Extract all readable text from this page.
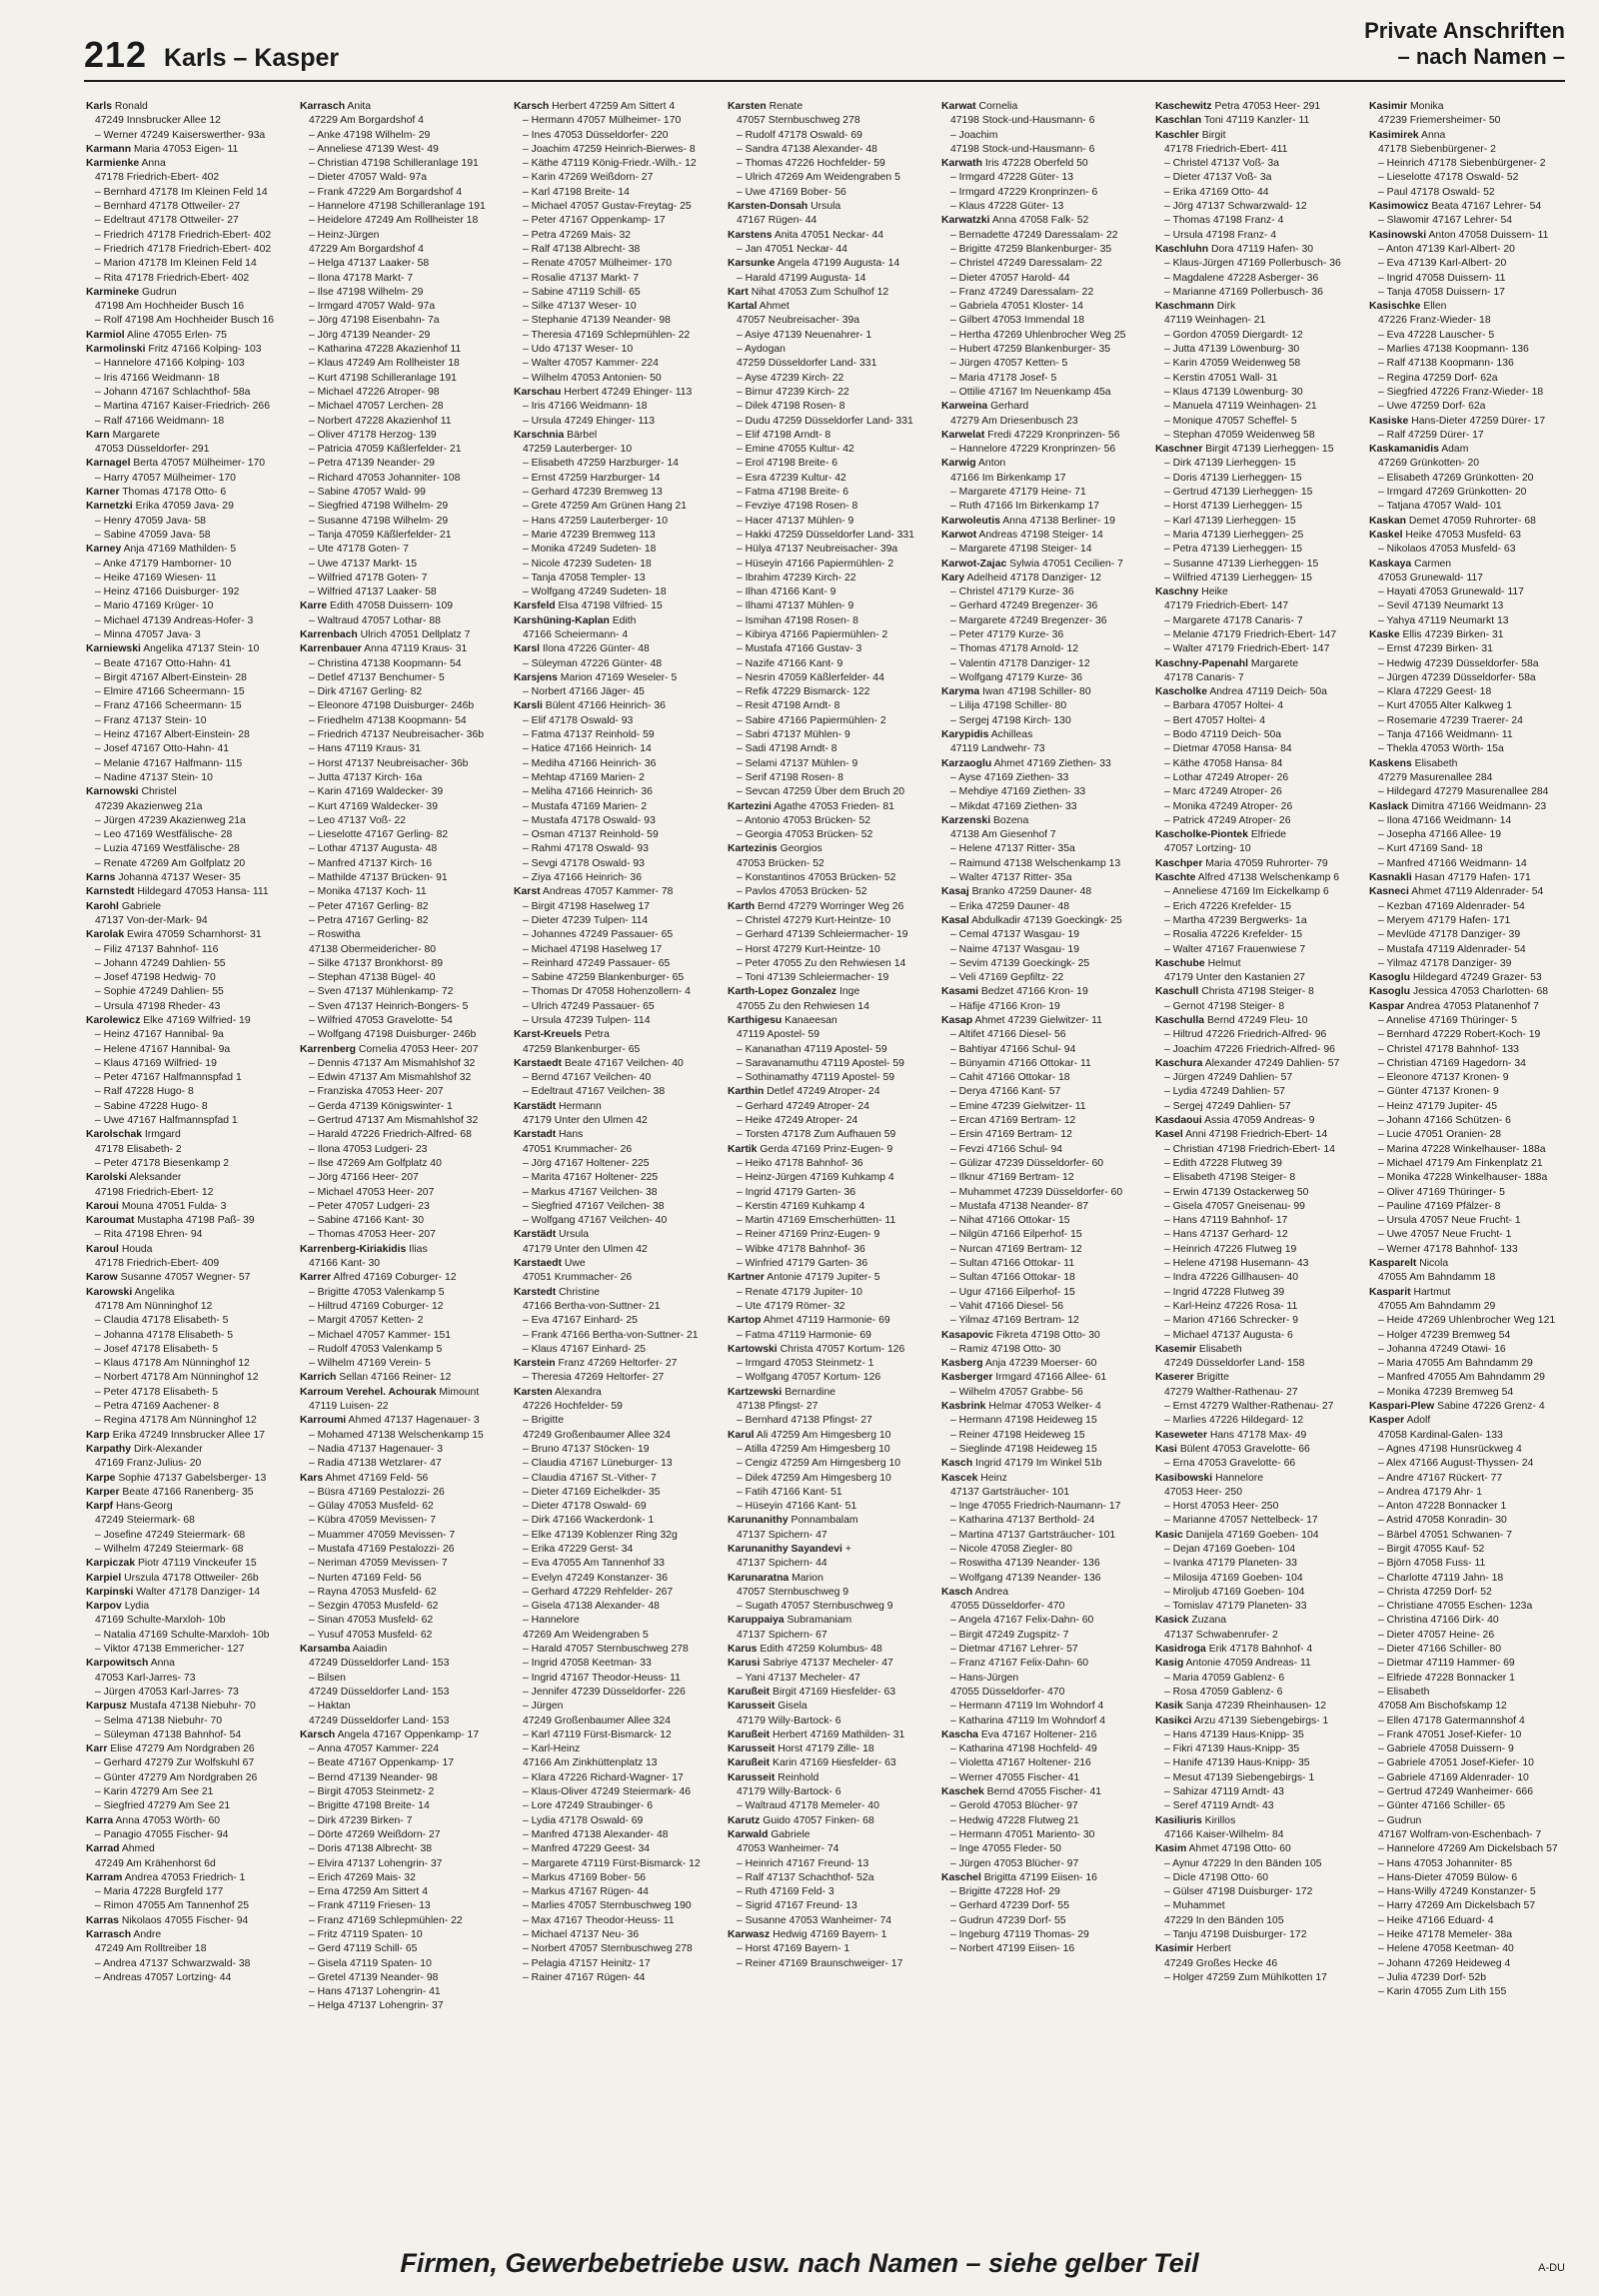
212 Karls – Kasper
Private Anschriften
– nach Namen –
Karls Ronald
47249 Innsbrucker Allee 12
– Werner 47249 Kaiserswerther- 93a
Karmann Maria 47053 Eigen- 11
Karmienke Anna
47178 Friedrich-Ebert- 402
– Bernhard 47178 Im Kleinen Feld 14
– Bernhard 47178 Ottweiler- 27
– Edeltraut 47178 Ottweiler- 27
– Friedrich 47178 Friedrich-Ebert- 402
– Friedrich 47178 Friedrich-Ebert- 402
– Marion 47178 Im Kleinen Feld 14
– Rita 47178 Friedrich-Ebert- 402
Karmineke Gudrun
47198 Am Hochheider Busch 16
– Rolf 47198 Am Hochheider Busch 16
Karmiol Aline 47055 Erlen- 75
Karmolinski Fritz 47166 Kolping- 103
– Hannelore 47166 Kolping- 103
– Iris 47166 Weidmann- 18
– Johann 47167 Schlachthof- 58a
– Martina 47167 Kaiser-Friedrich- 266
– Ralf 47166 Weidmann- 18
Karn Margarete
47053 Düsseldorfer- 291
Karnagel Berta 47057 Mülheimer- 170
– Harry 47057 Mülheimer- 170
Karner Thomas 47178 Otto- 6
Karnetzki Erika 47059 Java- 29
– Henry 47059 Java- 58
– Sabine 47059 Java- 58
Karney Anja 47169 Mathilden- 5
– Anke 47179 Hamborner- 10
– Heike 47169 Wiesen- 11
– Heinz 47166 Duisburger- 192
– Mario 47169 Krüger- 10
– Michael 47139 Andreas-Hofer- 3
– Minna 47057 Java- 3
Karniewski Angelika 47137 Stein- 10
– Beate 47167 Otto-Hahn- 41
– Birgit 47167 Albert-Einstein- 28
– Elmire 47166 Scheermann- 15
– Franz 47166 Scheermann- 15
– Franz 47137 Stein- 10
– Heinz 47167 Albert-Einstein- 28
– Josef 47167 Otto-Hahn- 41
– Melanie 47167 Halfmann- 115
– Nadine 47137 Stein- 10
Karnowski Christel
47239 Akazienweg 21a
– Jürgen 47239 Akazienweg 21a
– Leo 47169 Westfälische- 28
– Luzia 47169 Westfälische- 28
– Renate 47269 Am Golfplatz 20
Karns Johanna 47137 Weser- 35
Karnstedt Hildegard 47053 Hansa- 111
Karohl Gabriele
47137 Von-der-Mark- 94
Karolak Ewira 47059 Scharnhorst- 31
– Filiz 47137 Bahnhof- 116
– Johann 47249 Dahlien- 55
– Josef 47198 Hedwig- 70
– Sophie 47249 Dahlien- 55
– Ursula 47198 Rheder- 43
Karolewicz Elke 47169 Wilfried- 19
– Heinz 47167 Hannibal- 9a
– Helene 47167 Hannibal- 9a
– Klaus 47169 Wilfried- 19
– Peter 47167 Halfmannspfad 1
– Ralf 47228 Hugo- 8
– Sabine 47228 Hugo- 8
– Uwe 47167 Halfmannspfad 1
Karolschak Irmgard
47178 Elisabeth- 2
– Peter 47178 Biesenkamp 2
Karolski Aleksander
47198 Friedrich-Ebert- 12
Karoui Mouna 47051 Fulda- 3
Karoumat Mustapha 47198 Paß- 39
– Rita 47198 Ehren- 94
Karoul Houda
47178 Friedrich-Ebert- 409
Karow Susanne 47057 Wegner- 57
Karowski Angelika
47178 Am Nünninghof 12
– Claudia 47178 Elisabeth- 5
– Johanna 47178 Elisabeth- 5
– Josef 47178 Elisabeth- 5
– Klaus 47178 Am Nünninghof 12
– Norbert 47178 Am Nünninghof 12
– Peter 47178 Elisabeth- 5
– Petra 47169 Aachener- 8
– Regina 47178 Am Nünninghof 12
Karp Erika 47249 Innsbrucker Allee 17
Karpathy Dirk-Alexander
47169 Franz-Julius- 20
Karpe Sophie 47137 Gabelsberger- 13
Karper Beate 47166 Ranenberg- 35
Karpf Hans-Georg
47249 Steiermark- 68
– Josefine 47249 Steiermark- 68
– Wilhelm 47249 Steiermark- 68
Karpiczak Piotr 47119 Vinckeufer 15
Karpiel Urszula 47178 Ottweiler- 26b
Karpinski Walter 47178 Danziger- 14
Karpov Lydia
47169 Schulte-Marxloh- 10b
– Natalia 47169 Schulte-Marxloh- 10b
– Viktor 47138 Emmericher- 127
Karpowitsch Anna
47053 Karl-Jarres- 73
– Jürgen 47053 Karl-Jarres- 73
Karpusz Mustafa 47138 Niebuhr- 70
– Selma 47138 Niebuhr- 70
– Süleyman 47138 Bahnhof- 54
Karr Elise 47279 Am Nordgraben 26
– Gerhard 47279 Zur Wolfskuhl 67
– Günter 47279 Am Nordgraben 26
– Karin 47279 Am See 21
– Siegfried 47279 Am See 21
Karra Anna 47053 Wörth- 60
– Panagio 47055 Fischer- 94
Karrad Ahmed
47249 Am Krähenhorst 6d
Karram Andrea 47053 Friedrich- 1
– Maria 47228 Burgfeld 177
– Rimon 47055 Am Tannenhof 25
Karras Nikolaos 47055 Fischer- 94
Karrasch Andre
47249 Am Rolltreiber 18
– Andrea 47137 Schwarzwald- 38
– Andreas 47057 Lortzing- 44
Karrasch Anita
47229 Am Borgardshof 4
– Anke 47198 Wilhelm- 29
– Anneliese 47139 West- 49
– Christian 47198 Schilleranlage 191
– Dieter 47057 Wald- 97a
– Frank 47229 Am Borgardshof 4
– Hannelore 47198 Schilleranlage 191
– Heidelore 47249 Am Rollheister 18
– Heinz-Jürgen
47229 Am Borgardshof 4
– Helga 47137 Laaker- 58
– Ilona 47178 Markt- 7
– Ilse 47198 Wilhelm- 29
– Irmgard 47057 Wald- 97a
– Jörg 47198 Eisenbahn- 7a
– Jörg 47139 Neander- 29
– Katharina 47228 Akazienhof 11
– Klaus 47249 Am Rollheister 18
– Kurt 47198 Schilleranlage 191
– Michael 47226 Atroper- 98
– Michael 47057 Lerchen- 28
– Norbert 47228 Akazienhof 11
– Oliver 47178 Herzog- 139
– Patricia 47059 Käßlerfelder- 21
– Petra 47139 Neander- 29
– Richard 47053 Johanniter- 108
– Sabine 47057 Wald- 99
– Siegfried 47198 Wilhelm- 29
– Susanne 47198 Wilhelm- 29
– Tanja 47059 Käßlerfelder- 21
– Ute 47178 Goten- 7
– Uwe 47137 Markt- 15
– Wilfried 47178 Goten- 7
– Wilfried 47137 Laaker- 58
Karre Edith 47058 Duissern- 109
– Waltraud 47057 Lothar- 88
Karrenbach Ulrich 47051 Dellplatz 7
Karrenbauer Anna 47119 Kraus- 31
– Christina 47138 Koopmann- 54
– Detlef 47137 Benchumer- 5
– Dirk 47167 Gerling- 82
– Eleonore 47198 Duisburger- 246b
– Friedhelm 47138 Koopmann- 54
– Friedrich 47137 Neubreisacher- 36b
– Hans 47119 Kraus- 31
– Horst 47137 Neubreisacher- 36b
– Jutta 47137 Kirch- 16a
– Karin 47169 Waldecker- 39
– Kurt 47169 Waldecker- 39
– Leo 47137 Voß- 22
– Lieselotte 47167 Gerling- 82
– Lothar 47137 Augusta- 48
– Manfred 47137 Kirch- 16
– Mathilde 47137 Brücken- 91
– Monika 47137 Koch- 11
– Peter 47167 Gerling- 82
– Petra 47167 Gerling- 82
– Roswitha
47138 Obermeidericher- 80
– Silke 47137 Bronkhorst- 89
– Stephan 47138 Bügel- 40
– Sven 47137 Mühlenkamp- 72
– Sven 47137 Heinrich-Bongers- 5
– Wilfried 47053 Gravelotte- 54
– Wolfgang 47198 Duisburger- 246b
Karrenberg Cornelia 47053 Heer- 207
– Dennis 47137 Am Mismahlshof 32
– Edwin 47137 Am Mismahlshof 32
– Franziska 47053 Heer- 207
– Gerda 47139 Königswinter- 1
– Gertrud 47137 Am Mismahlshof 32
– Harald 47226 Friedrich-Alfred- 68
– Ilona 47053 Ludgeri- 23
– Ilse 47269 Am Golfplatz 40
– Jörg 47166 Heer- 207
– Michael 47053 Heer- 207
– Peter 47057 Ludgeri- 23
– Sabine 47166 Kant- 30
– Thomas 47053 Heer- 207
Karrenberg-Kiriakidis Ilias
47166 Kant- 30
Karrer Alfred 47169 Coburger- 12
– Brigitte 47053 Valenkamp 5
– Hiltrud 47169 Coburger- 12
– Margit 47057 Ketten- 2
– Michael 47057 Kammer- 151
– Rudolf 47053 Valenkamp 5
– Wilhelm 47169 Verein- 5
Karrich Sellan 47166 Reiner- 12
Karroum Verehel. Achourak Mimount
47119 Luisen- 22
Karroumi Ahmed 47137 Hagenauer- 3
– Mohamed 47138 Welschenkamp 15
– Nadia 47137 Hagenauer- 3
– Radia 47138 Wetzlarer- 47
Kars Ahmet 47169 Feld- 56
– Büsra 47169 Pestalozzi- 26
– Gülay 47053 Musfeld- 62
– Kübra 47059 Mevissen- 7
– Muammer 47059 Mevissen- 7
– Mustafa 47169 Pestalozzi- 26
– Neriman 47059 Mevissen- 7
– Nurten 47169 Feld- 56
– Rayna 47053 Musfeld- 62
– Sezgin 47053 Musfeld- 62
– Sinan 47053 Musfeld- 62
– Yusuf 47053 Musfeld- 62
Karsamba Aaiadin
47249 Düsseldorfer Land- 153
– Bilsen
47249 Düsseldorfer Land- 153
– Haktan
47249 Düsseldorfer Land- 153
Karsch Angela 47167 Oppenkamp- 17
– Anna 47057 Kammer- 224
– Beate 47167 Oppenkamp- 17
– Bernd 47139 Neander- 98
– Birgit 47053 Steinmetz- 2
– Brigitte 47198 Breite- 14
– Dirk 47239 Birken- 7
– Dörte 47269 Weißdorn- 27
– Doris 47138 Albrecht- 38
– Elvira 47137 Lohengrin- 37
– Erich 47269 Mais- 32
– Erna 47259 Am Sittert 4
– Frank 47119 Friesen- 13
– Franz 47169 Schlepmühlen- 22
– Fritz 47119 Spaten- 10
– Gerd 47119 Schill- 65
– Gisela 47119 Spaten- 10
– Gretel 47139 Neander- 98
– Hans 47137 Lohengrin- 41
– Helga 47137 Lohengrin- 37
Karsch Herbert 47259 Am Sittert 4
– Hermann 47057 Mülheimer- 170
– Ines 47053 Düsseldorfer- 220
– Joachim 47259 Heinrich-Bierwes- 8
– Käthe 47119 König-Friedr.-Wilh.- 12
– Karin 47269 Weißdorn- 27
– Karl 47198 Breite- 14
– Michael 47057 Gustav-Freytag- 25
– Peter 47167 Oppenkamp- 17
– Petra 47269 Mais- 32
– Ralf 47138 Albrecht- 38
– Renate 47057 Mülheimer- 170
– Rosalie 47137 Markt- 7
– Sabine 47119 Schill- 65
– Silke 47137 Weser- 10
– Stephanie 47139 Neander- 98
– Theresia 47169 Schlepmühlen- 22
– Udo 47137 Weser- 10
– Walter 47057 Kammer- 224
– Wilhelm 47053 Antonien- 50
Karschau Herbert 47249 Ehinger- 113
– Iris 47166 Weidmann- 18
– Ursula 47249 Ehinger- 113
Karschnia Bärbel
47259 Lauterberger- 10
– Elisabeth 47259 Harzburger- 14
– Ernst 47259 Harzburger- 14
– Gerhard 47239 Bremweg 13
– Grete 47259 Am Grünen Hang 21
– Hans 47259 Lauterberger- 10
– Marie 47239 Bremweg 113
– Monika 47249 Sudeten- 18
– Nicole 47239 Sudeten- 18
– Tanja 47058 Templer- 13
– Wolfgang 47249 Sudeten- 18
Karsfeld Elsa 47198 Vilfried- 15
Karshüning-Kaplan Edith
47166 Scheiermann- 4
Karsl Ilona 47226 Günter- 48
– Süleyman 47226 Günter- 48
Karsjens Marion 47169 Weseler- 5
– Norbert 47166 Jäger- 45
Karsli Bülent 47166 Heinrich- 36
– Elif 47178 Oswald- 93
– Fatma 47137 Reinhold- 59
– Hatice 47166 Heinrich- 14
– Mediha 47166 Heinrich- 36
– Mehtap 47169 Marien- 2
– Meliha 47166 Heinrich- 36
– Mustafa 47169 Marien- 2
– Mustafa 47178 Oswald- 93
– Osman 47137 Reinhold- 59
– Rahmi 47178 Oswald- 93
– Sevgi 47178 Oswald- 93
– Ziya 47166 Heinrich- 36
Karst Andreas 47057 Kammer- 78
– Birgit 47198 Haselweg 17
– Dieter 47239 Tulpen- 114
– Johannes 47249 Passauer- 65
– Michael 47198 Haselweg 17
– Reinhard 47249 Passauer- 65
– Sabine 47259 Blankenburger- 65
– Thomas Dr 47058 Hohenzollern- 4
– Ulrich 47249 Passauer- 65
– Ursula 47239 Tulpen- 114
Karst-Kreuels Petra
47259 Blankenburger- 65
Karstaedt Beate 47167 Veilchen- 40
– Bernd 47167 Veilchen- 40
– Edeltraut 47167 Veilchen- 38
Karstädt Hermann
47179 Unter den Ulmen 42
Karstadt Hans
47051 Krummacher- 26
– Jörg 47167 Holtener- 225
– Marita 47167 Holtener- 225
– Markus 47167 Veilchen- 38
– Siegfried 47167 Veilchen- 38
– Wolfgang 47167 Veilchen- 40
Karstädt Ursula
47179 Unter den Ulmen 42
Karstaedt Uwe
47051 Krummacher- 26
Karstedt Christine
47166 Bertha-von-Suttner- 21
– Eva 47167 Einhard- 25
– Frank 47166 Bertha-von-Suttner- 21
– Klaus 47167 Einhard- 25
Karstein Franz 47269 Heltorfer- 27
– Theresia 47269 Heltorfer- 27
Karsten Alexandra
47226 Hochfelder- 59
– Brigitte
47249 Großenbaumer Allee 324
– Bruno 47137 Stöcken- 19
– Claudia 47167 Lüneburger- 13
– Claudia 47167 St.-Vither- 7
– Dieter 47169 Eichelkder- 35
– Dieter 47178 Oswald- 69
– Dirk 47166 Wackerdonk- 1
– Elke 47139 Koblenzer Ring 32g
– Erika 47229 Gerst- 34
– Eva 47055 Am Tannenhof 33
– Evelyn 47249 Konstanzer- 36
– Gerhard 47229 Rehfelder- 267
– Gisela 47138 Alexander- 48
– Hannelore
47269 Am Weidengraben 5
– Harald 47057 Sternbuschweg 278
– Ingrid 47058 Keetman- 33
– Ingrid 47167 Theodor-Heuss- 11
– Jennifer 47239 Düsseldorfer- 226
– Jürgen
47249 Großenbaumer Allee 324
– Karl 47119 Fürst-Bismarck- 12
– Karl-Heinz
47166 Am Zinkhüttenplatz 13
– Klara 47226 Richard-Wagner- 17
– Klaus-Oliver 47249 Steiermark- 46
– Lore 47249 Straubinger- 6
– Lydia 47178 Oswald- 69
– Manfred 47138 Alexander- 48
– Manfred 47229 Geest- 34
– Margarete 47119 Fürst-Bismarck- 12
– Markus 47169 Bober- 56
– Markus 47167 Rügen- 44
– Marlies 47057 Sternbuschweg 190
– Max 47167 Theodor-Heuss- 11
– Michael 47137 Neu- 36
– Norbert 47057 Sternbuschweg 278
– Pelagia 47157 Heinitz- 17
– Rainer 47167 Rügen- 44
Karsten Renate
47057 Sternbuschweg 278
– Rudolf 47178 Oswald- 69
– Sandra 47138 Alexander- 48
– Thomas 47226 Hochfelder- 59
– Ulrich 47269 Am Weidengraben 5
– Uwe 47169 Bober- 56
Karsten-Donsah Ursula
47167 Rügen- 44
Karstens Anita 47051 Neckar- 44
– Jan 47051 Neckar- 44
Karsunke Angela 47199 Augusta- 14
– Harald 47199 Augusta- 14
Kart Nihat 47053 Zum Schulhof 12
Kartal Ahmet
47057 Neubreisacher- 39a
– Asiye 47139 Neuenahrer- 1
– Aydogan
47259 Düsseldorfer Land- 331
– Ayse 47239 Kirch- 22
– Birnur 47239 Kirch- 22
– Dilek 47198 Rosen- 8
– Dudu 47259 Düsseldorfer Land- 331
– Elif 47198 Arndt- 8
– Emine 47055 Kultur- 42
– Erol 47198 Breite- 6
– Esra 47239 Kultur- 42
– Fatma 47198 Breite- 6
– Fevziye 47198 Rosen- 8
– Hacer 47137 Mühlen- 9
– Hakki 47259 Düsseldorfer Land- 331
– Hülya 47137 Neubreisacher- 39a
– Hüseyin 47166 Papiermühlen- 2
– Ibrahim 47239 Kirch- 22
– Ilhan 47166 Kant- 9
– Ilhami 47137 Mühlen- 9
– Ismihan 47198 Rosen- 8
– Kibirya 47166 Papiermühlen- 2
– Mustafa 47166 Gustav- 3
– Nazife 47166 Kant- 9
– Nesrin 47059 Käßlerfelder- 44
– Refik 47229 Bismarck- 122
– Resit 47198 Arndt- 8
– Sabire 47166 Papiermühlen- 2
– Sabri 47137 Mühlen- 9
– Sadi 47198 Arndt- 8
– Selami 47137 Mühlen- 9
– Serif 47198 Rosen- 8
– Sevcan 47259 Über dem Bruch 20
Kartezini Agathe 47053 Frieden- 81
– Antonio 47053 Brücken- 52
– Georgia 47053 Brücken- 52
Kartezinis Georgios
47053 Brücken- 52
– Konstantinos 47053 Brücken- 52
– Pavlos 47053 Brücken- 52
Karth Bernd 47279 Worringer Weg 26
– Christel 47279 Kurt-Heintze- 10
– Gerhard 47139 Schleiermacher- 19
– Horst 47279 Kurt-Heintze- 10
– Peter 47055 Zu den Rehwiesen 14
– Toni 47139 Schleiermacher- 19
Karth-Lopez Gonzalez Inge
47055 Zu den Rehwiesen 14
Karthigesu Kanaeesan
47119 Apostel- 59
– Kananathan 47119 Apostel- 59
– Saravanamuthu 47119 Apostel- 59
– Sothinamathy 47119 Apostel- 59
Karthin Detlef 47249 Atroper- 24
– Gerhard 47249 Atroper- 24
– Heike 47249 Atroper- 24
– Torsten 47178 Zum Aufhauen 59
Kartik Gerda 47169 Prinz-Eugen- 9
– Heiko 47178 Bahnhof- 36
– Heinz-Jürgen 47169 Kuhkamp 4
– Ingrid 47179 Garten- 36
– Kerstin 47169 Kuhkamp 4
– Martin 47169 Emscherhütten- 11
– Reiner 47169 Prinz-Eugen- 9
– Wibke 47178 Bahnhof- 36
– Winfried 47179 Garten- 36
Kartner Antonie 47179 Jupiter- 5
– Renate 47179 Jupiter- 10
– Ute 47179 Römer- 32
Kartop Ahmet 47119 Harmonie- 69
– Fatma 47119 Harmonie- 69
Kartowski Christa 47057 Kortum- 126
– Irmgard 47053 Steinmetz- 1
– Wolfgang 47057 Kortum- 126
Kartzewski Bernardine
47138 Pfingst- 27
– Bernhard 47138 Pfingst- 27
Karul Ali 47259 Am Himgesberg 10
– Atilla 47259 Am Himgesberg 10
– Cengiz 47259 Am Himgesberg 10
– Dilek 47259 Am Himgesberg 10
– Fatih 47166 Kant- 51
– Hüseyin 47166 Kant- 51
Karunanithy Ponnambalam
47137 Spichern- 47
Karunanithy Sayandevi +
47137 Spichern- 44
Karunaratna Marion
47057 Sternbuschweg 9
– Sugath 47057 Sternbuschweg 9
Karuppaiya Subramaniam
47137 Spichern- 67
Karus Edith 47259 Kolumbus- 48
Karusi Sabriye 47137 Mecheler- 47
– Yani 47137 Mecheler- 47
Karußeit Birgit 47169 Hiesfelder- 63
Karusseit Gisela
47179 Willy-Bartock- 6
Karußeit Herbert 47169 Mathilden- 31
Karusseit Horst 47179 Zille- 18
Karußeit Karin 47169 Hiesfelder- 63
Karusseit Reinhold
47179 Willy-Bartock- 6
– Waltraud 47178 Memeler- 40
Karutz Guido 47057 Finken- 68
Karwald Gabriele
47053 Wanheimer- 74
– Heinrich 47167 Freund- 13
– Ralf 47137 Schachthof- 52a
– Ruth 47169 Feld- 3
– Sigrid 47167 Freund- 13
– Susanne 47053 Wanheimer- 74
Karwasz Hedwig 47169 Bayern- 1
– Horst 47169 Bayern- 1
– Reiner 47169 Braunschweiger- 17
Karwat Cornelia
47198 Stock-und-Hausmann- 6
– Joachim
47198 Stock-und-Hausmann- 6
Karwath Iris 47228 Oberfeld 50
– Irmgard 47228 Güter- 13
– Irmgard 47229 Kronprinzen- 6
– Klaus 47228 Güter- 13
Karwatzki Anna 47058 Falk- 52
– Bernadette 47249 Daressalam- 22
– Brigitte 47259 Blankenburger- 35
– Christel 47249 Daressalam- 22
– Dieter 47057 Harold- 44
– Franz 47249 Daressalam- 22
– Gabriela 47051 Kloster- 14
– Gilbert 47053 Immendal 18
– Hertha 47269 Uhlenbrocher Weg 25
– Hubert 47259 Blankenburger- 35
– Jürgen 47057 Ketten- 5
– Maria 47178 Josef- 5
– Ottilie 47167 Im Neuenkamp 45a
Karweina Gerhard
47279 Am Driesenbusch 23
Karwelat Fredi 47229 Kronprinzen- 56
– Hannelore 47229 Kronprinzen- 56
Karwig Anton
47166 Im Birkenkamp 17
– Margarete 47179 Heine- 71
– Ruth 47166 Im Birkenkamp 17
Karwoleutis Anna 47138 Berliner- 19
Karwot Andreas 47198 Steiger- 14
– Margarete 47198 Steiger- 14
Karwot-Zajac Sylwia 47051 Cecilien- 7
Kary Adelheid 47178 Danziger- 12
– Christel 47179 Kurze- 36
– Gerhard 47249 Bregenzer- 36
– Margarete 47249 Bregenzer- 36
– Peter 47179 Kurze- 36
– Thomas 47178 Arnold- 12
– Valentin 47178 Danziger- 12
– Wolfgang 47179 Kurze- 36
Karyma Iwan 47198 Schiller- 80
– Lilija 47198 Schiller- 80
– Sergej 47198 Kirch- 130
Karypidis Achilleas
47119 Landwehr- 73
Karzaoglu Ahmet 47169 Ziethen- 33
– Ayse 47169 Ziethen- 33
– Mehdiye 47169 Ziethen- 33
– Mikdat 47169 Ziethen- 33
Karzenski Bozena
47138 Am Giesenhof 7
– Helene 47137 Ritter- 35a
– Raimund 47138 Welschenkamp 13
– Walter 47137 Ritter- 35a
Kasaj Branko 47259 Dauner- 48
– Erika 47259 Dauner- 48
Kasal Abdulkadir 47139 Goeckingk- 25
– Cemal 47137 Wasgau- 19
– Naime 47137 Wasgau- 19
– Sevim 47139 Goeckingk- 25
– Veli 47169 Gepfiltz- 22
Kasami Bedzet 47166 Kron- 19
– Häfije 47166 Kron- 19
Kasap Ahmet 47239 Gielwitzer- 11
– Altifet 47166 Diesel- 56
– Bahtiyar 47166 Schul- 94
– Bünyamin 47166 Ottokar- 11
– Cahit 47166 Ottokar- 18
– Derya 47166 Kant- 57
– Emine 47239 Gielwitzer- 11
– Ercan 47169 Bertram- 12
– Ersin 47169 Bertram- 12
– Fevzi 47166 Schul- 94
– Gülizar 47239 Düsseldorfer- 60
– Ilknur 47169 Bertram- 12
– Muhammet 47239 Düsseldorfer- 60
– Mustafa 47138 Neander- 87
– Nihat 47166 Ottokar- 15
– Nilgün 47166 Eilperhof- 15
– Nurcan 47169 Bertram- 12
– Sultan 47166 Ottokar- 11
– Sultan 47166 Ottokar- 18
– Ugur 47166 Eilperhof- 15
– Vahit 47166 Diesel- 56
– Yilmaz 47169 Bertram- 12
Kasapovic Fikreta 47198 Otto- 30
– Ramiz 47198 Otto- 30
Kasberg Anja 47239 Moerser- 60
Kasberger Irmgard 47166 Allee- 61
– Wilhelm 47057 Grabbe- 56
Kasbrink Helmar 47053 Welker- 4
– Hermann 47198 Heideweg 15
– Reiner 47198 Heideweg 15
– Sieglinde 47198 Heideweg 15
Kasch Ingrid 47179 Im Winkel 51b
Kascek Heinz
47137 Gartsträucher- 101
– Inge 47055 Friedrich-Naumann- 17
– Katharina 47137 Berthold- 24
– Martina 47137 Gartsträucher- 101
– Nicole 47058 Ziegler- 80
– Roswitha 47139 Neander- 136
– Wolfgang 47139 Neander- 136
Kasch Andrea
47055 Düsseldorfer- 470
– Angela 47167 Felix-Dahn- 60
– Birgit 47249 Zugspitz- 7
– Dietmar 47167 Lehrer- 57
– Franz 47167 Felix-Dahn- 60
– Hans-Jürgen
47055 Düsseldorfer- 470
– Hermann 47119 Im Wohndorf 4
– Katharina 47119 Im Wohndorf 4
Kascha Eva 47167 Holtener- 216
– Katharina 47198 Hochfeld- 49
– Violetta 47167 Holtener- 216
– Werner 47055 Fischer- 41
Kaschek Bernd 47055 Fischer- 41
– Gerold 47053 Blücher- 97
– Hedwig 47228 Flutweg 21
– Hermann 47051 Mariento- 30
– Inge 47055 Fleder- 50
– Jürgen 47053 Blücher- 97
Kaschel Brigitta 47199 Eiisen- 16
– Brigitte 47228 Hof- 29
– Gerhard 47239 Dorf- 55
– Gudrun 47239 Dorf- 55
– Ingeburg 47119 Thomas- 29
– Norbert 47199 Eiisen- 16
Kaschewitz Petra 47053 Heer- 291
Kaschlan Toni 47119 Kanzler- 11
Kaschler Birgit
47178 Friedrich-Ebert- 411
– Christel 47137 Voß- 3a
– Dieter 47137 Voß- 3a
– Erika 47169 Otto- 44
– Jörg 47137 Schwarzwald- 12
– Thomas 47198 Franz- 4
– Ursula 47198 Franz- 4
Kaschluhn Dora 47119 Hafen- 30
– Klaus-Jürgen 47169 Pollerbusch- 36
– Magdalene 47228 Asberger- 36
– Marianne 47169 Pollerbusch- 36
Kaschmann Dirk
47119 Weinhagen- 21
– Gordon 47059 Diergardt- 12
– Jutta 47139 Löwenburg- 30
– Karin 47059 Weidenweg 58
– Kerstin 47051 Wall- 31
– Klaus 47139 Löwenburg- 30
– Manuela 47119 Weinhagen- 21
– Monique 47057 Scheffel- 5
– Stephan 47059 Weidenweg 58
Kaschner Birgit 47139 Lierheggen- 15
– Dirk 47139 Lierheggen- 15
– Doris 47139 Lierheggen- 15
– Gertrud 47139 Lierheggen- 15
– Horst 47139 Lierheggen- 15
– Karl 47139 Lierheggen- 15
– Maria 47139 Lierheggen- 25
– Petra 47139 Lierheggen- 15
– Susanne 47139 Lierheggen- 15
– Wilfried 47139 Lierheggen- 15
Kaschny Heike
47179 Friedrich-Ebert- 147
– Margarete 47178 Canaris- 7
– Melanie 47179 Friedrich-Ebert- 147
– Walter 47179 Friedrich-Ebert- 147
Kaschny-Papenahl Margarete
47178 Canaris- 7
Kascholke Andrea 47119 Deich- 50a
– Barbara 47057 Holtei- 4
– Bert 47057 Holtei- 4
– Bodo 47119 Deich- 50a
– Dietmar 47058 Hansa- 84
– Käthe 47058 Hansa- 84
– Lothar 47249 Atroper- 26
– Marc 47249 Atroper- 26
– Monika 47249 Atroper- 26
– Patrick 47249 Atroper- 26
Kascholke-Piontek Elfriede
47057 Lortzing- 10
Kaschper Maria 47059 Ruhrorter- 79
Kaschte Alfred 47138 Welschenkamp 6
– Anneliese 47169 Im Eickelkamp 6
– Erich 47226 Krefelder- 15
– Martha 47239 Bergwerks- 1a
– Rosalia 47226 Krefelder- 15
– Walter 47167 Frauenwiese 7
Kaschube Helmut
47179 Unter den Kastanien 27
Kaschull Christa 47198 Steiger- 8
– Gernot 47198 Steiger- 8
Kaschulla Bernd 47249 Fleu- 10
– Hiltrud 47226 Friedrich-Alfred- 96
– Joachim 47226 Friedrich-Alfred- 96
Kaschura Alexander 47249 Dahlien- 57
– Jürgen 47249 Dahlien- 57
– Lydia 47249 Dahlien- 57
– Sergej 47249 Dahlien- 57
Kasdaoui Assia 47059 Andreas- 9
Kasel Anni 47198 Friedrich-Ebert- 14
– Christian 47198 Friedrich-Ebert- 14
– Edith 47228 Flutweg 39
– Elisabeth 47198 Steiger- 8
– Erwin 47139 Ostackerweg 50
– Gisela 47057 Gneisenau- 99
– Hans 47119 Bahnhof- 17
– Hans 47137 Gerhard- 12
– Heinrich 47226 Flutweg 19
– Helene 47198 Husemann- 43
– Indra 47226 Gillhausen- 40
– Ingrid 47228 Flutweg 39
– Karl-Heinz 47226 Rosa- 11
– Marion 47166 Schrecker- 9
– Michael 47137 Augusta- 6
Kasemir Elisabeth
47249 Düsseldorfer Land- 158
Kaserer Brigitte
47279 Walther-Rathenau- 27
– Ernst 47279 Walther-Rathenau- 27
– Marlies 47226 Hildegard- 12
Kaseweter Hans 47178 Max- 49
Kasi Bülent 47053 Gravelotte- 66
– Erna 47053 Gravelotte- 66
Kasibowski Hannelore
47053 Heer- 250
– Horst 47053 Heer- 250
– Marianne 47057 Nettelbeck- 17
Kasic Danijela 47169 Goeben- 104
– Dejan 47169 Goeben- 104
– Ivanka 47179 Planeten- 33
– Milosija 47169 Goeben- 104
– Miroljub 47169 Goeben- 104
– Tomislav 47179 Planeten- 33
Kasick Zuzana
47137 Schwabenrufer- 2
Kasidroga Erik 47178 Bahnhof- 4
Kasig Antonie 47059 Andreas- 11
– Maria 47059 Gablenz- 6
– Rosa 47059 Gablenz- 6
Kasik Sanja 47239 Rheinhausen- 12
Kasikci Arzu 47139 Siebengebirgs- 1
– Hans 47139 Haus-Knipp- 35
– Fikri 47139 Haus-Knipp- 35
– Hanife 47139 Haus-Knipp- 35
– Mesut 47139 Siebengebirgs- 1
– Sahizar 47119 Arndt- 43
– Seref 47119 Arndt- 43
Kasiliuris Kirillos
47166 Kaiser-Wilhelm- 84
Kasim Ahmet 47198 Otto- 60
– Aynur 47229 In den Bänden 105
– Dicle 47198 Otto- 60
– Gülser 47198 Duisburger- 172
– Muhammet
47229 In den Bänden 105
– Tanju 47198 Duisburger- 172
Kasimir Herbert
47249 Großes Hecke 46
– Holger 47259 Zum Mühlkotten 17
Kasimir Monika
47239 Friemersheimer- 50
Kasimirek Anna
47178 Siebenbürgener- 2
– Heinrich 47178 Siebenbürgener- 2
– Lieselotte 47178 Oswald- 52
– Paul 47178 Oswald- 52
Kasimowicz Beata 47167 Lehrer- 54
– Slawomir 47167 Lehrer- 54
Kasinowski Anton 47058 Duissern- 11
– Anton 47139 Karl-Albert- 20
– Eva 47139 Karl-Albert- 20
– Ingrid 47058 Duissern- 11
– Tanja 47058 Duissern- 17
Kasischke Ellen
47226 Franz-Wieder- 18
– Eva 47228 Lauscher- 5
– Marlies 47138 Koopmann- 136
– Ralf 47138 Koopmann- 136
– Regina 47259 Dorf- 62a
– Siegfried 47226 Franz-Wieder- 18
– Uwe 47259 Dorf- 62a
Kasiske Hans-Dieter 47259 Dürer- 17
– Ralf 47259 Dürer- 17
Kaskamanidis Adam
47269 Grünkotten- 20
– Elisabeth 47269 Grünkotten- 20
– Irmgard 47269 Grünkotten- 20
– Tatjana 47057 Wald- 101
Kaskan Demet 47059 Ruhrorter- 68
Kaskel Heike 47053 Musfeld- 63
– Nikolaos 47053 Musfeld- 63
Kaskaya Carmen
47053 Grunewald- 117
– Hayati 47053 Grunewald- 117
– Sevil 47139 Neumarkt 13
– Yahya 47119 Neumarkt 13
Kaske Ellis 47239 Birken- 31
– Ernst 47239 Birken- 31
– Hedwig 47239 Düsseldorfer- 58a
– Jürgen 47239 Düsseldorfer- 58a
– Klara 47229 Geest- 18
– Kurt 47055 Alter Kalkweg 1
– Rosemarie 47239 Traerer- 24
– Tanja 47166 Weidmann- 11
– Thekla 47053 Wörth- 15a
Kaskens Elisabeth
47279 Masurenallee 284
– Hildegard 47279 Masurenallee 284
Kaslack Dimitra 47166 Weidmann- 23
– Ilona 47166 Weidmann- 14
– Josepha 47166 Allee- 19
– Kurt 47169 Sand- 18
– Manfred 47166 Weidmann- 14
Kasnakli Hasan 47179 Hafen- 171
Kasneci Ahmet 47119 Aldenrader- 54
– Kezban 47169 Aldenrader- 54
– Meryem 47179 Hafen- 171
– Mevlüde 47178 Danziger- 39
– Mustafa 47119 Aldenrader- 54
– Yilmaz 47178 Danziger- 39
Kasoglu Hildegard 47249 Grazer- 53
Kasoglu Jessica 47053 Charlotten- 68
Kaspar Andrea 47053 Platanenhof 7
– Annelise 47169 Thüringer- 5
– Bernhard 47229 Robert-Koch- 19
– Christel 47178 Bahnhof- 133
– Christian 47169 Hagedorn- 34
– Eleonore 47137 Kronen- 9
– Günter 47137 Kronen- 9
– Heinz 47179 Jupiter- 45
– Johann 47166 Schützen- 6
– Lucie 47051 Oranien- 28
– Marina 47228 Winkelhauser- 188a
– Michael 47179 Am Finkenplatz 21
– Monika 47228 Winkelhauser- 188a
– Oliver 47169 Thüringer- 5
– Pauline 47169 Pfälzer- 8
– Ursula 47057 Neue Frucht- 1
– Uwe 47057 Neue Frucht- 1
– Werner 47178 Bahnhof- 133
Kasparelt Nicola
47055 Am Bahndamm 18
Kasparit Hartmut
47055 Am Bahndamm 29
– Heide 47269 Uhlenbrocher Weg 121
– Holger 47239 Bremweg 54
– Johanna 47249 Otawi- 16
– Maria 47055 Am Bahndamm 29
– Manfred 47055 Am Bahndamm 29
– Monika 47239 Bremweg 54
Kaspari-Plew Sabine 47226 Grenz- 4
Kasper Adolf
47058 Kardinal-Galen- 133
– Agnes 47198 Hunsrückweg 4
– Alex 47166 August-Thyssen- 24
– Andre 47167 Rückert- 77
– Andrea 47179 Ahr- 1
– Anton 47228 Bonnacker 1
– Astrid 47058 Konradin- 30
– Bärbel 47051 Schwanen- 7
– Birgit 47055 Kauf- 52
– Björn 47058 Fuss- 11
– Charlotte 47119 Jahn- 18
– Christa 47259 Dorf- 52
– Christiane 47055 Eschen- 123a
– Christina 47166 Dirk- 40
– Dieter 47057 Heine- 26
– Dieter 47166 Schiller- 80
– Dietmar 47119 Hammer- 69
– Elfriede 47228 Bonnacker 1
– Elisabeth
47058 Am Bischofskamp 12
– Ellen 47178 Gatermannshof 4
– Frank 47051 Josef-Kiefer- 10
– Gabriele 47058 Duissern- 9
– Gabriele 47051 Josef-Kiefer- 10
– Gabriele 47169 Aldenrader- 10
– Gertrud 47249 Wanheimer- 666
– Günter 47166 Schiller- 65
– Gudrun
47167 Wolfram-von-Eschenbach- 7
– Hannelore 47269 Am Dickelsbach 57
– Hans 47053 Johanniter- 85
– Hans-Dieter 47059 Bülow- 6
– Hans-Willy 47249 Konstanzer- 5
– Harry 47269 Am Dickelsbach 57
– Heike 47166 Eduard- 4
– Heike 47178 Memeler- 38a
– Helene 47058 Keetman- 40
– Johann 47269 Heideweg 4
– Julia 47239 Dorf- 52b
– Karin 47055 Zum Lith 155
Firmen, Gewerbebetriebe usw. nach Namen – siehe gelber Teil	A-DU
